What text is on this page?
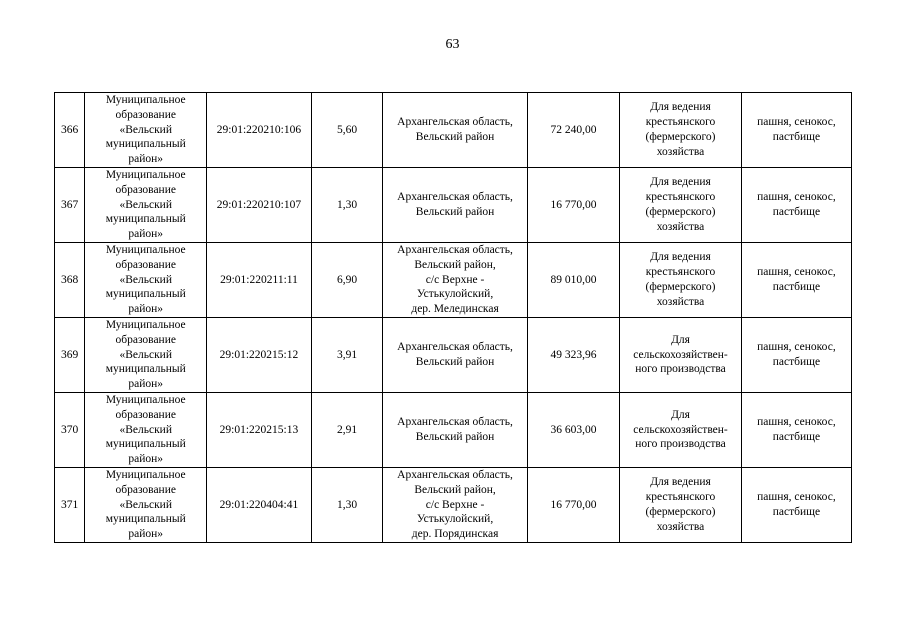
63
366	Муниципальное
образование
«Вельский
муниципальный
район»	29:01:220210:106	5,60	Архангельская область,
Вельский район	72 240,00	Для ведения
крестьянского
(фермерского)
хозяйства	пашня, сенокос,
пастбище

367	Муниципальное
образование
«Вельский
муниципальный
район»	29:01:220210:107	1,30	Архангельская область,
Вельский район	16 770,00	Для ведения
крестьянского
(фермерского)
хозяйства	пашня, сенокос,
пастбище

368	Муниципальное
образование
«Вельский
муниципальный
район»	29:01:220211:11	6,90	Архангельская область,
Вельский район,
с/с Верхне -
Устькулойский,
дер. Мелединская	89 010,00	Для ведения
крестьянского
(фермерского)
хозяйства	пашня, сенокос,
пастбище

369	Муниципальное
образование
«Вельский
муниципальный
район»	29:01:220215:12	3,91	Архангельская область,
Вельский район	49 323,96	Для
сельскохозяйствен-
ного производства	пашня, сенокос,
пастбище

370	Муниципальное
образование
«Вельский
муниципальный
район»	29:01:220215:13	2,91	Архангельская область,
Вельский район	36 603,00	Для
сельскохозяйствен-
ного производства	пашня, сенокос,
пастбище

371	Муниципальное
образование
«Вельский
муниципальный
район»	29:01:220404:41	1,30	Архангельская область,
Вельский район,
с/с Верхне -
Устькулойский,
дер. Порядинская	16 770,00	Для ведения
крестьянского
(фермерского)
хозяйства	пашня, сенокос,
пастбище
